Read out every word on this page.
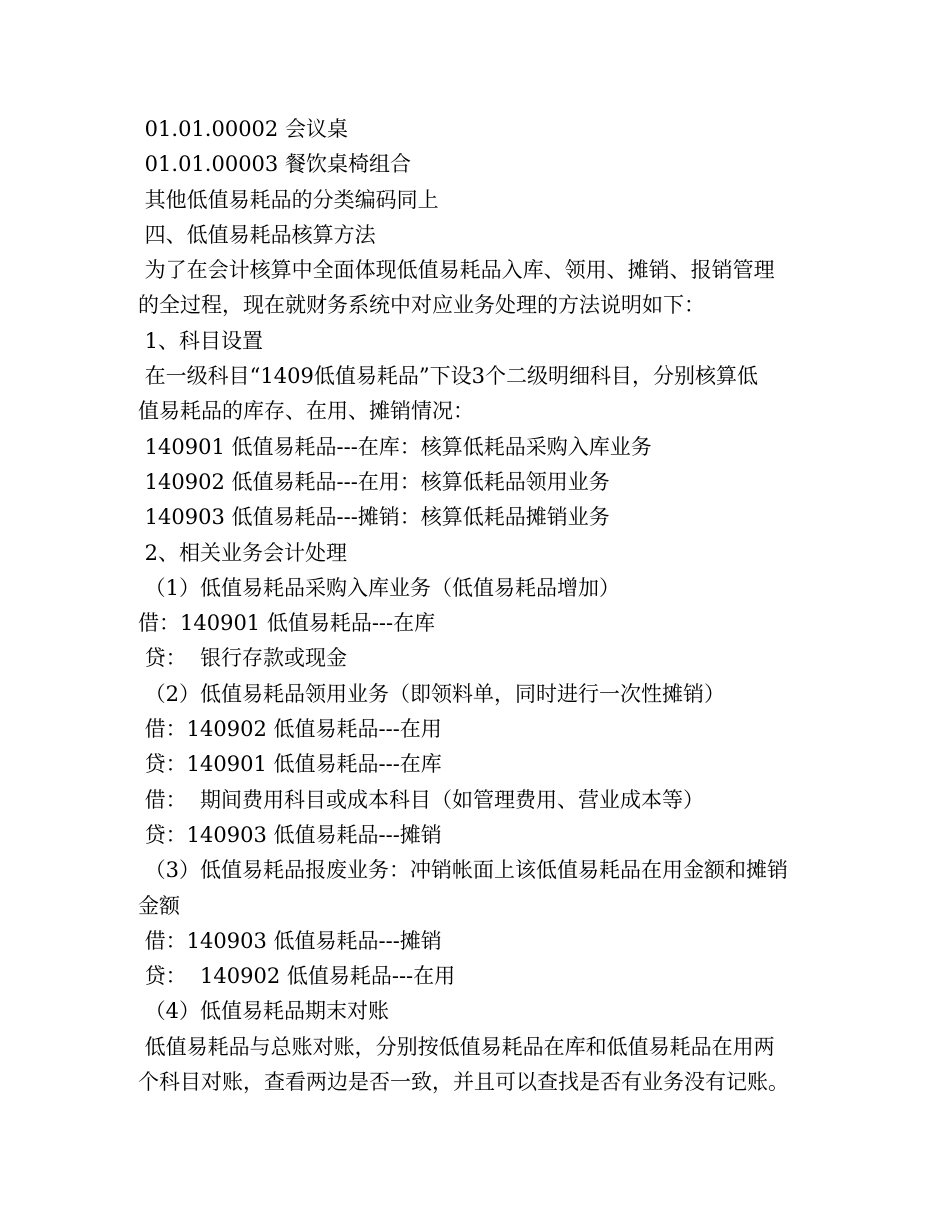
01.01.00002 会议桌
01.01.00003 餐饮桌椅组合
其他低值易耗品的分类编码同上
四、低值易耗品核算方法
为了在会计核算中全面体现低值易耗品入库、领用、摊销、报销管理
的全过程，现在就财务系统中对应业务处理的方法说明如下：
1、科目设置
在一级科目“1409低值易耗品”下设3个二级明细科目，分别核算低
值易耗品的库存、在用、摊销情况：
140901 低值易耗品---在库：核算低耗品采购入库业务
140902 低值易耗品---在用：核算低耗品领用业务
140903 低值易耗品---摊销：核算低耗品摊销业务
2、相关业务会计处理
（1）低值易耗品采购入库业务（低值易耗品增加）
借：140901 低值易耗品---在库
贷：  银行存款或现金
（2）低值易耗品领用业务（即领料单，同时进行一次性摊销）
借：140902 低值易耗品---在用
贷：140901 低值易耗品---在库
借：  期间费用科目或成本科目（如管理费用、营业成本等）
贷：140903 低值易耗品---摊销
（3）低值易耗品报废业务：冲销帐面上该低值易耗品在用金额和摊销
金额
借：140903 低值易耗品---摊销
贷：  140902 低值易耗品---在用
（4）低值易耗品期末对账
低值易耗品与总账对账，分别按低值易耗品在库和低值易耗品在用两
个科目对账，查看两边是否一致，并且可以查找是否有业务没有记账。
